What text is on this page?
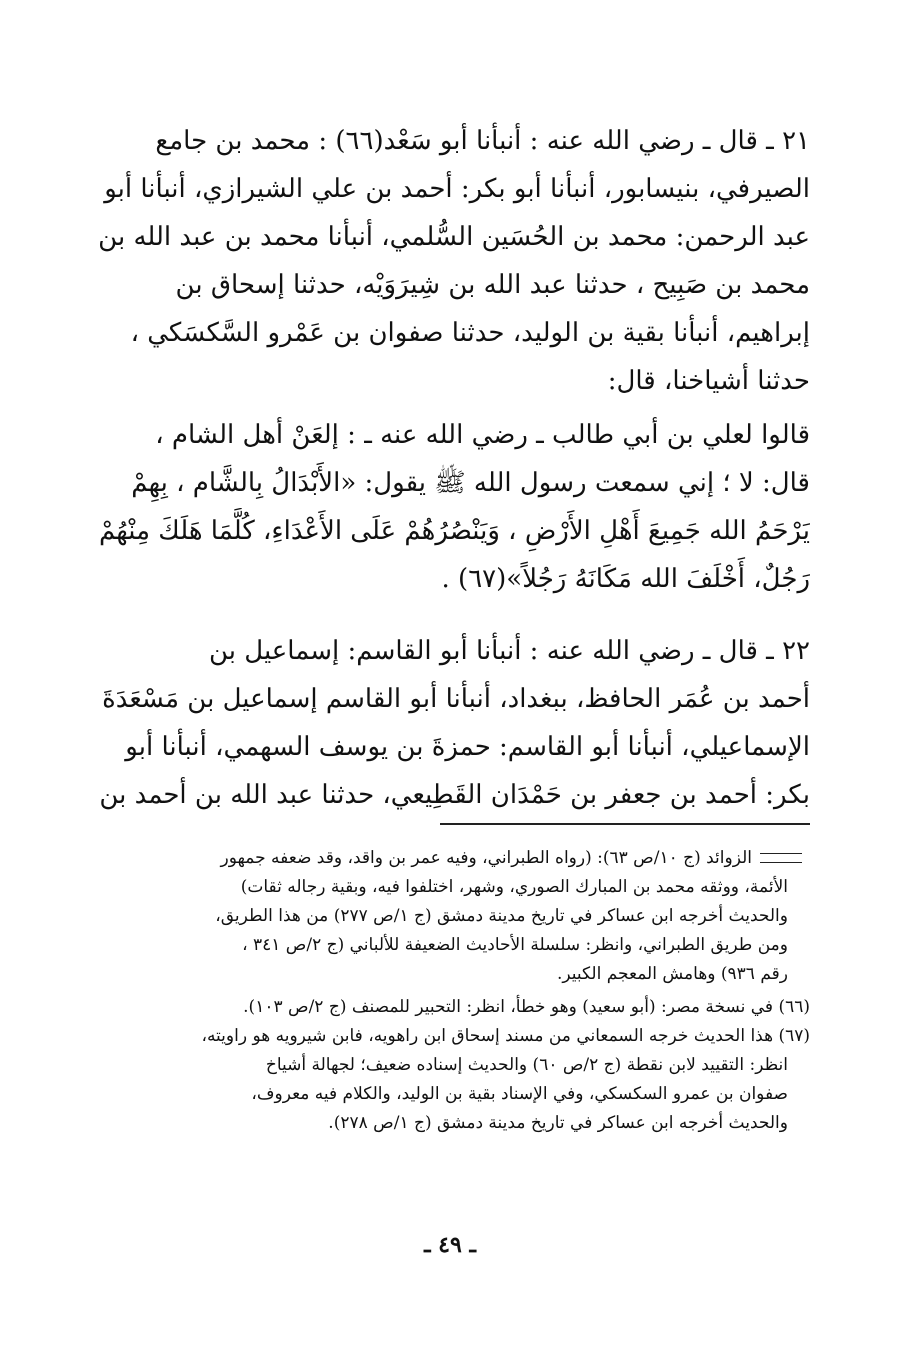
٢١ ـ قال ـ رضي الله عنه : أنبأنا أبو سَعْد(٦٦) : محمد بن جامع
الصيرفي، بنيسابور، أنبأنا أبو بكر: أحمد بن علي الشيرازي، أنبأنا أبو
عبد الرحمن: محمد بن الحُسَين السُّلمي، أنبأنا محمد بن عبد الله بن
محمد بن صَبِيح ، حدثنا عبد الله بن شِيرَوَيْه، حدثنا إسحاق بن
إبراهيم، أنبأنا بقية بن الوليد، حدثنا صفوان بن عَمْرو السَّكسَكي ،
حدثنا أشياخنا، قال:
قالوا لعلي بن أبي طالب ـ رضي الله عنه ـ : إلعَنْ أهل الشام ،
قال: لا ؛ إني سمعت رسول الله ﷺ يقول: «الأَبْدَالُ بِالشَّام ، بِهِمْ
يَرْحَمُ الله جَمِيعَ أَهْلِ الأَرْضِ ، وَيَنْصُرُهُمْ عَلَى الأَعْدَاءِ، كُلَّمَا هَلَكَ مِنْهُمْ
رَجُلٌ، أَخْلَفَ الله مَكَانَهُ رَجُلاً»(٦٧) .
٢٢ ـ قال ـ رضي الله عنه : أنبأنا أبو القاسم: إسماعيل بن
أحمد بن عُمَر الحافظ، ببغداد، أنبأنا أبو القاسم إسماعيل بن مَسْعَدَةَ
الإسماعيلي، أنبأنا أبو القاسم: حمزةَ بن يوسف السهمي، أنبأنا أبو
بكر: أحمد بن جعفر بن حَمْدَان القَطِيعي، حدثنا عبد الله بن أحمد بن
الزوائد (ج ١٠/ص ٦٣): (رواه الطبراني، وفيه عمر بن واقد، وقد ضعفه جمهور
الأئمة، ووثقه محمد بن المبارك الصوري، وشهر، اختلفوا فيه، وبقية رجاله ثقات)
والحديث أخرجه ابن عساكر في تاريخ مدينة دمشق (ج ١/ص ٢٧٧) من هذا الطريق،
ومن طريق الطبراني، وانظر: سلسلة الأحاديث الضعيفة للألباني (ج ٢/ص ٣٤١ ،
رقم ٩٣٦) وهامش المعجم الكبير.
(٦٦) في نسخة مصر: (أبو سعيد) وهو خطأ، انظر: التحبير للمصنف (ج ٢/ص ١٠٣).
(٦٧) هذا الحديث خرجه السمعاني من مسند إسحاق ابن راهويه، فابن شيرويه هو راويته،
انظر: التقييد لابن نقطة (ج ٢/ص ٦٠) والحديث إسناده ضعيف؛ لجهالة أشياخ
صفوان بن عمرو السكسكي، وفي الإسناد بقية بن الوليد، والكلام فيه معروف،
والحديث أخرجه ابن عساكر في تاريخ مدينة دمشق (ج ١/ص ٢٧٨).
ـ ٤٩ ـ
